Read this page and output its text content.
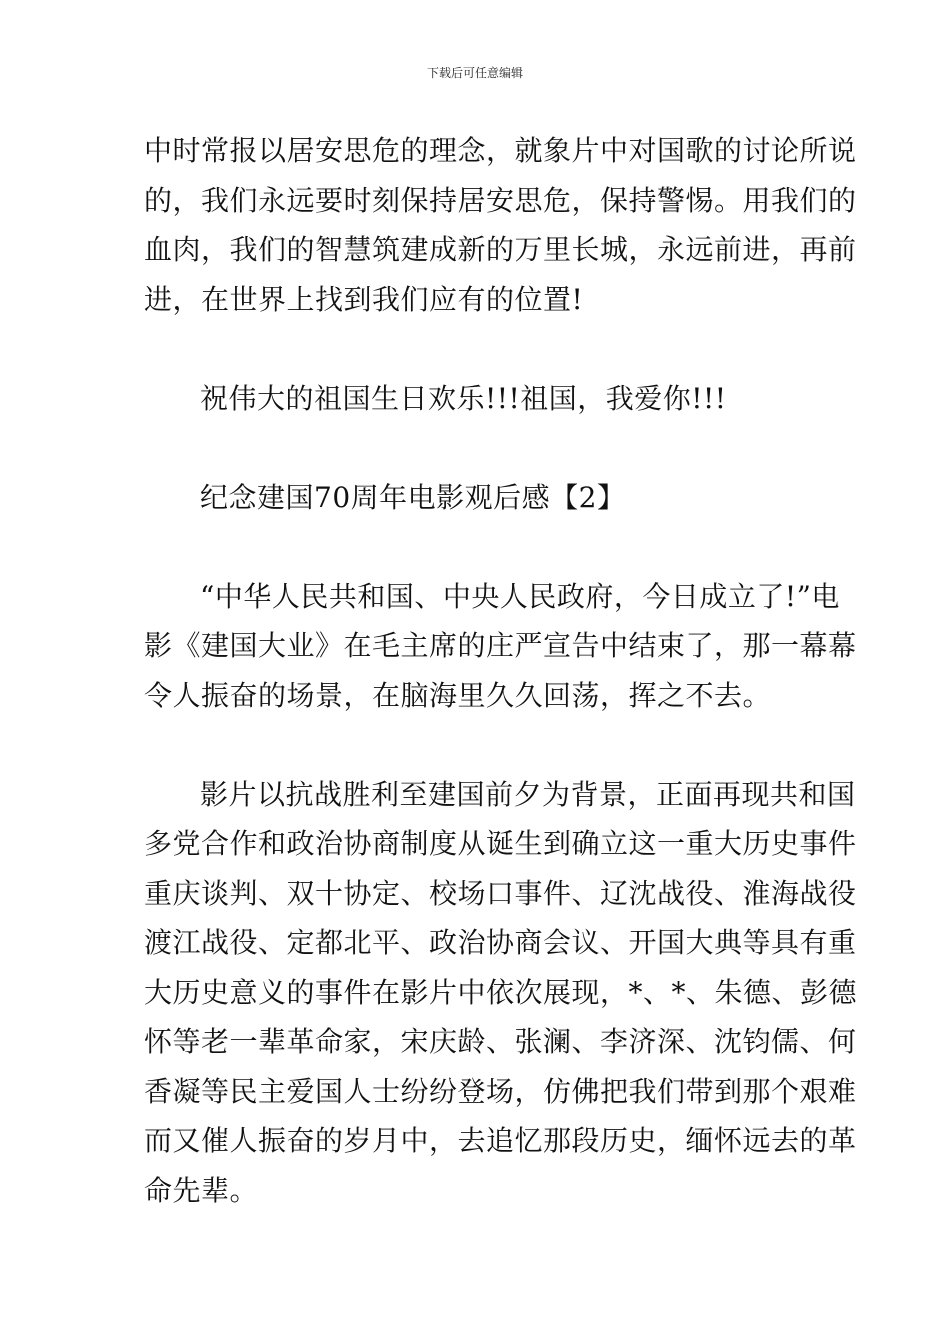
下载后可任意编辑
中时常报以居安思危的理念，就象片中对国歌的讨论所说
的，我们永远要时刻保持居安思危，保持警惕。用我们的
血肉，我们的智慧筑建成新的万里长城，永远前进，再前
进，在世界上找到我们应有的位置!
祝伟大的祖国生日欢乐!!!祖国，我爱你!!!
纪念建国70周年电影观后感【2】
“中华人民共和国、中央人民政府，今日成立了!”电
影《建国大业》在毛主席的庄严宣告中结束了，那一幕幕
令人振奋的场景，在脑海里久久回荡，挥之不去。
影片以抗战胜利至建国前夕为背景，正面再现共和国
多党合作和政治协商制度从诞生到确立这一重大历史事件
重庆谈判、双十协定、校场口事件、辽沈战役、淮海战役
渡江战役、定都北平、政治协商会议、开国大典等具有重
大历史意义的事件在影片中依次展现，*、*、朱德、彭德
怀等老一辈革命家，宋庆龄、张澜、李济深、沈钧儒、何
香凝等民主爱国人士纷纷登场，仿佛把我们带到那个艰难
而又催人振奋的岁月中，去追忆那段历史，缅怀远去的革
命先辈。
